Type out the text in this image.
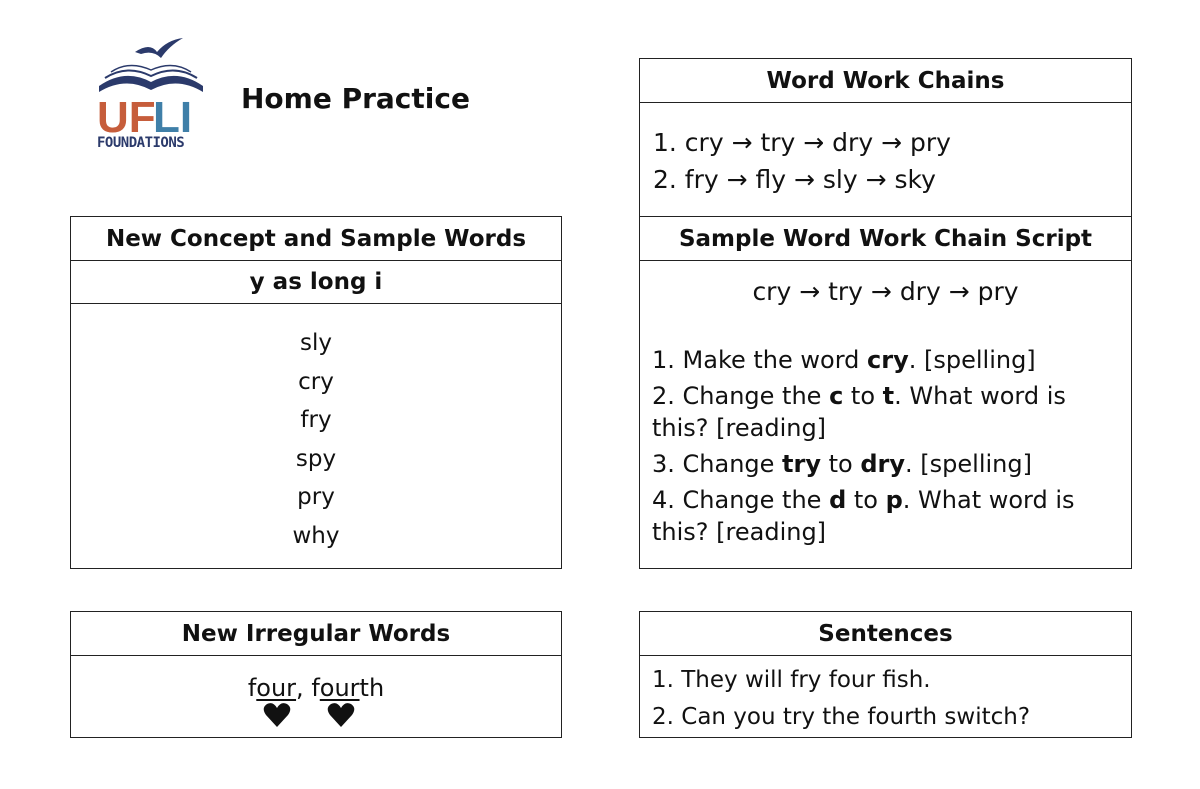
UF
LI
FOUNDATIONS
Home Practice
New Concept and Sample Words
y as long i
sly
cry
fry
spy
pry
why
Word Work Chains
Sample Word Work Chain Script
cry → try → dry → pry
1. Make the word cry. [spelling]
2. Change the c to t. What word is this? [reading]
3. Change try to dry. [spelling]
4. Change the d to p. What word is this? [reading]
1. cry → try → dry → pry
2. fry → fly → sly → sky
New Irregular Words
four, fourth
Sentences
1. They will fry four fish.
2. Can you try the fourth switch?
